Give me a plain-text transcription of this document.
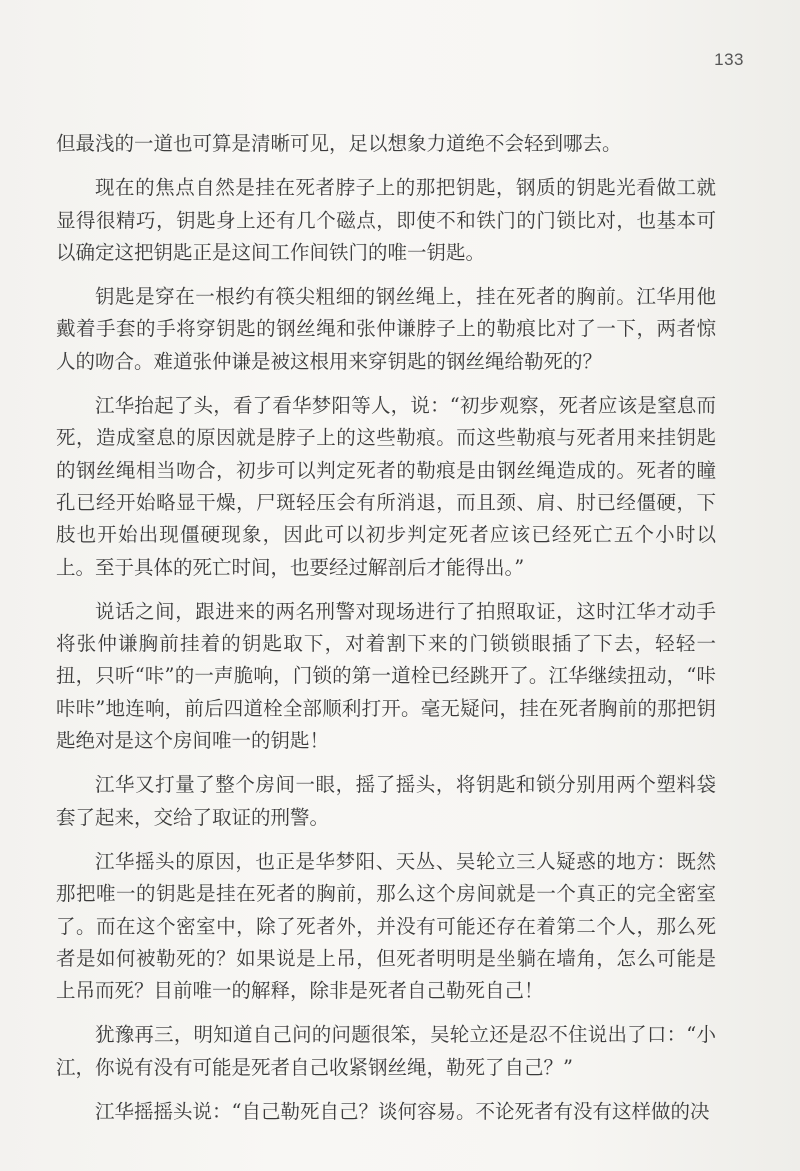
133

但最浅的一道也可算是清晰可见，足以想象力道绝不会轻到哪去。

现在的焦点自然是挂在死者脖子上的那把钥匙，钢质的钥匙光看做工就显得很精巧，钥匙身上还有几个磁点，即使不和铁门的门锁比对，也基本可以确定这把钥匙正是这间工作间铁门的唯一钥匙。

钥匙是穿在一根约有筷尖粗细的钢丝绳上，挂在死者的胸前。江华用他戴着手套的手将穿钥匙的钢丝绳和张仲谦脖子上的勒痕比对了一下，两者惊人的吻合。难道张仲谦是被这根用来穿钥匙的钢丝绳给勒死的？

江华抬起了头，看了看华梦阳等人，说：“初步观察，死者应该是窒息而死，造成窒息的原因就是脖子上的这些勒痕。而这些勒痕与死者用来挂钥匙的钢丝绳相当吻合，初步可以判定死者的勒痕是由钢丝绳造成的。死者的瞳孔已经开始略显干燥，尸斑轻压会有所消退，而且颈、肩、肘已经僵硬，下肢也开始出现僵硬现象，因此可以初步判定死者应该已经死亡五个小时以上。至于具体的死亡时间，也要经过解剖后才能得出。”

说话之间，跟进来的两名刑警对现场进行了拍照取证，这时江华才动手将张仲谦胸前挂着的钥匙取下，对着割下来的门锁锁眼插了下去，轻轻一扭，只听“咔”的一声脆响，门锁的第一道栓已经跳开了。江华继续扭动，“咔咔咔”地连响，前后四道栓全部顺利打开。毫无疑问，挂在死者胸前的那把钥匙绝对是这个房间唯一的钥匙！

江华又打量了整个房间一眼，摇了摇头，将钥匙和锁分别用两个塑料袋套了起来，交给了取证的刑警。

江华摇头的原因，也正是华梦阳、天丛、吴轮立三人疑惑的地方：既然那把唯一的钥匙是挂在死者的胸前，那么这个房间就是一个真正的完全密室了。而在这个密室中，除了死者外，并没有可能还存在着第二个人，那么死者是如何被勒死的？如果说是上吊，但死者明明是坐躺在墙角，怎么可能是上吊而死？目前唯一的解释，除非是死者自己勒死自己！

犹豫再三，明知道自己问的问题很笨，吴轮立还是忍不住说出了口：“小江，你说有没有可能是死者自己收紧钢丝绳，勒死了自己？”

江华摇摇头说：“自己勒死自己？谈何容易。不论死者有没有这样做的决
